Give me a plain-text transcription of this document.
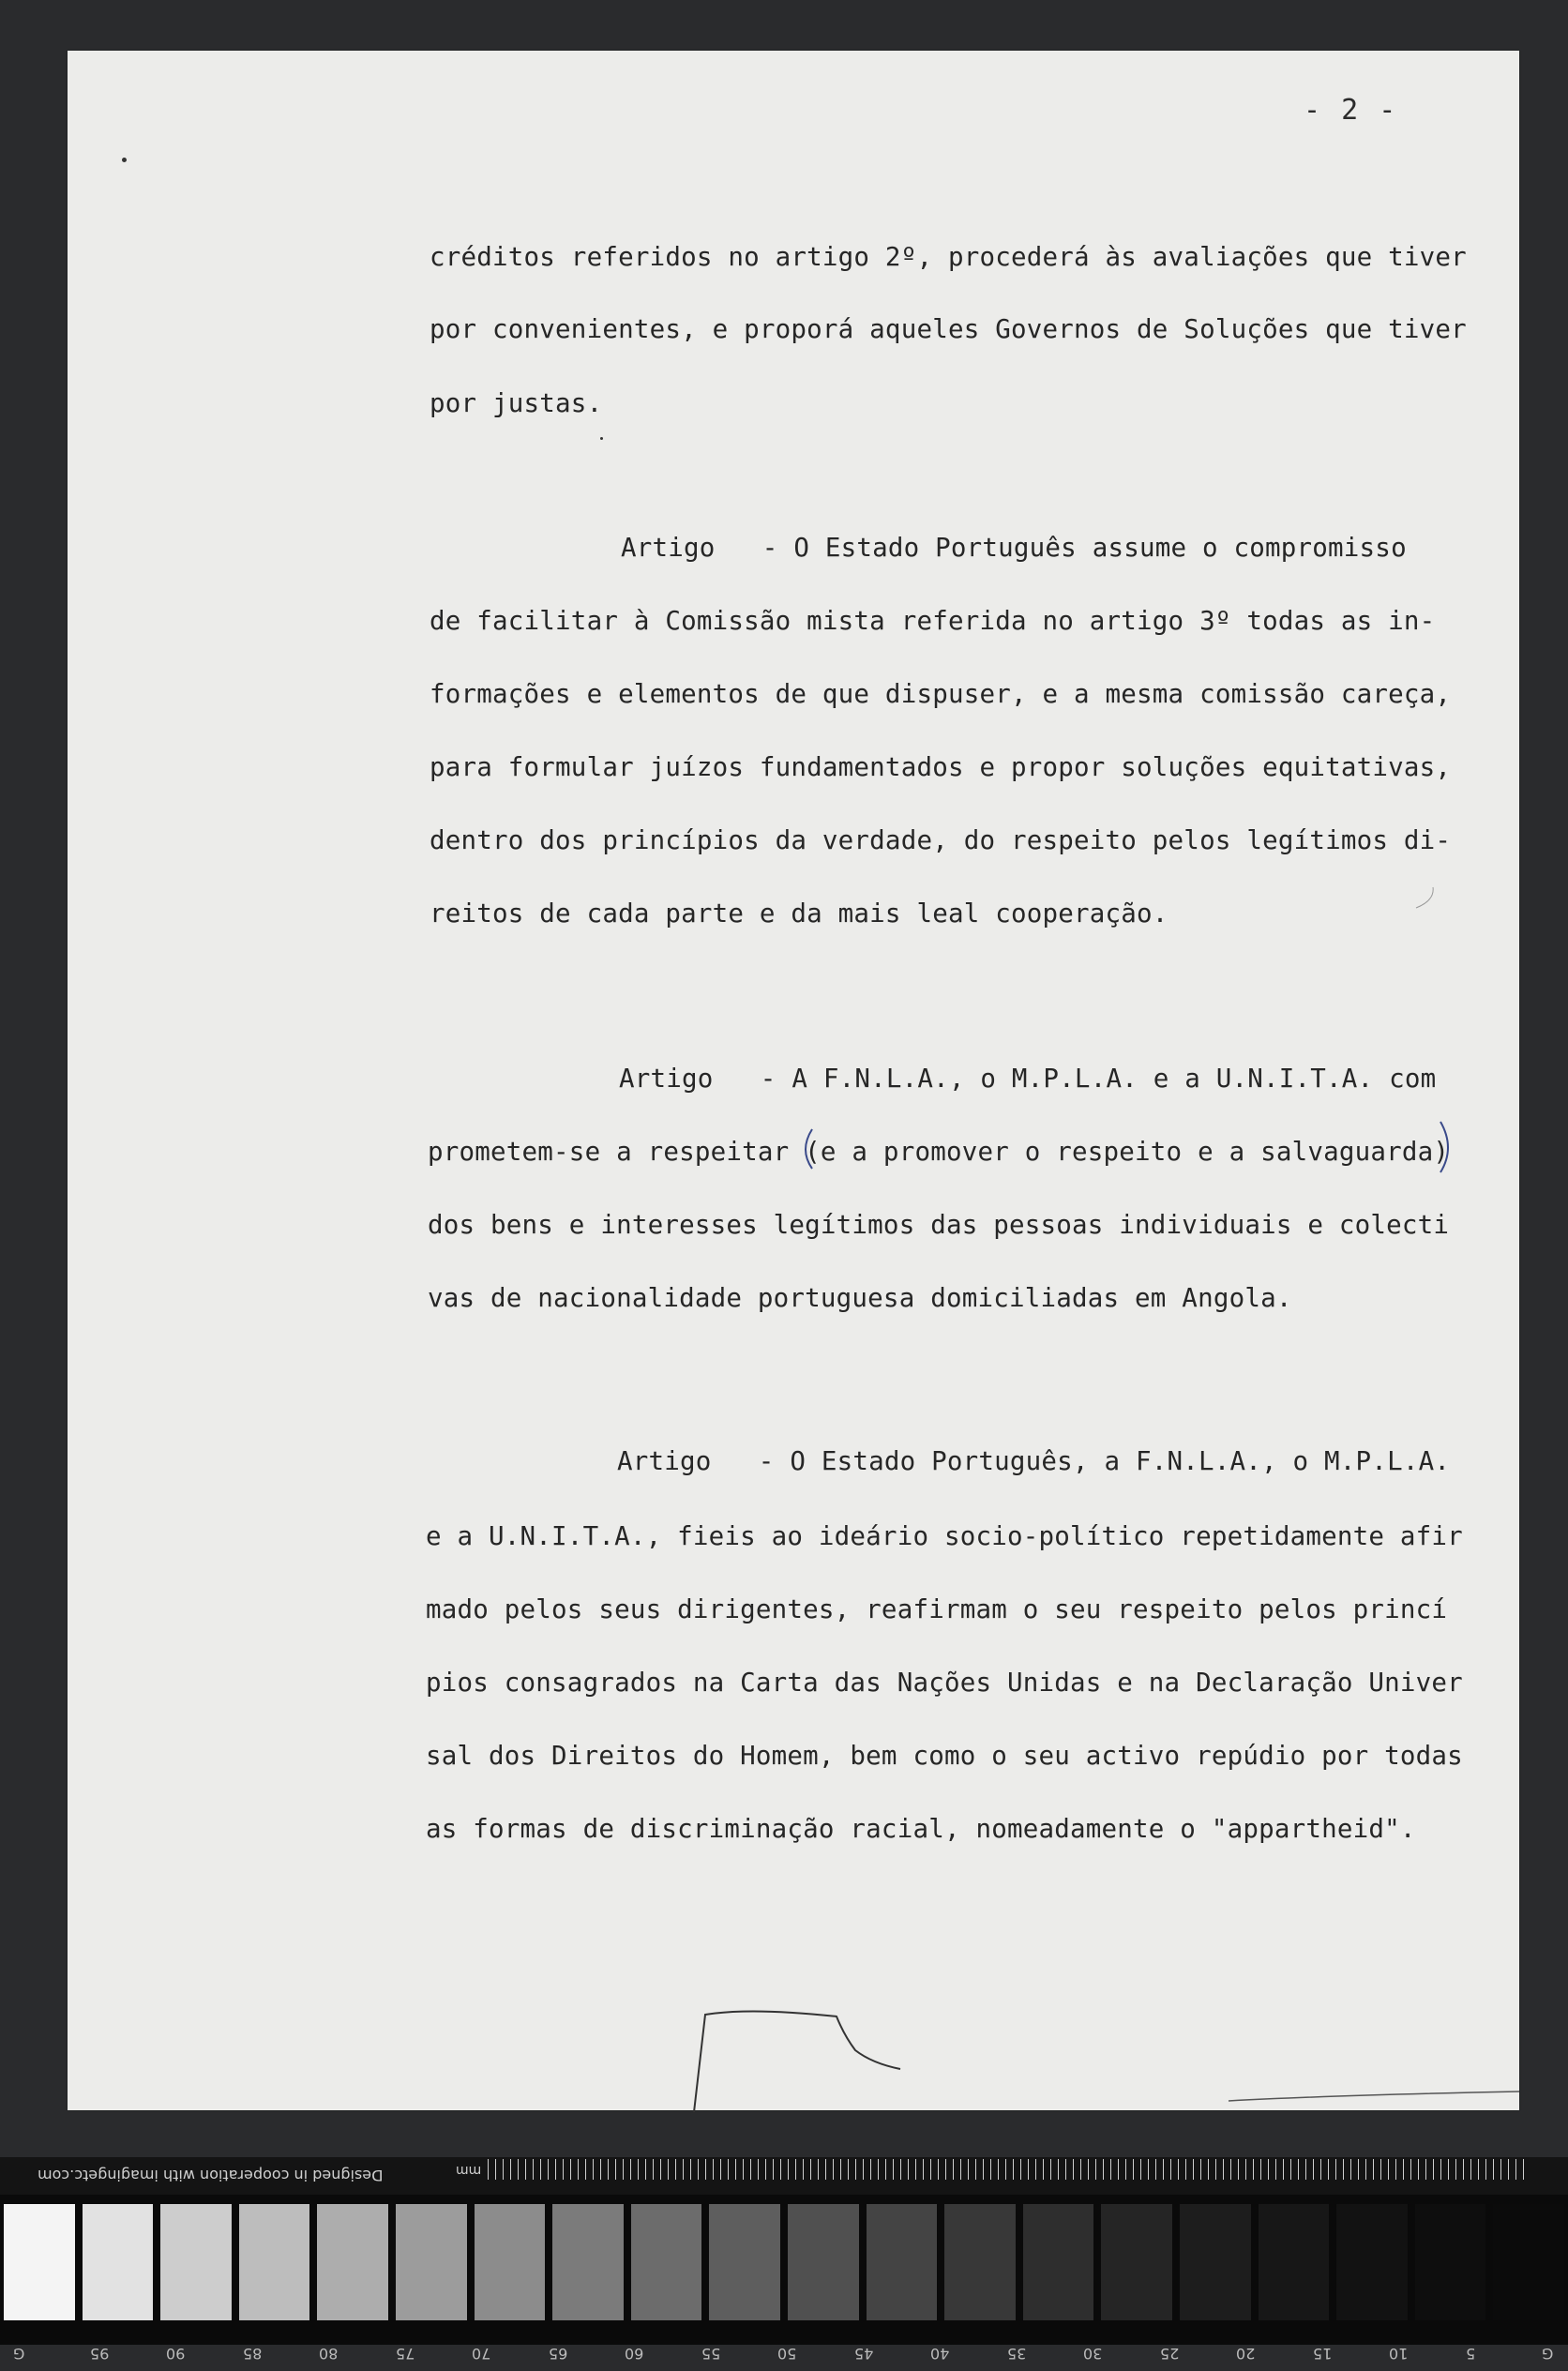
- 2 -
créditos referidos no artigo 2º, procederá às avaliações que tiver
por convenientes, e proporá aqueles Governos de Soluções que tiver
por justas.
Artigo   - O Estado Português assume o compromisso
de facilitar à Comissão mista referida no artigo 3º todas as in-
formações e elementos de que dispuser, e a mesma comissão careça,
para formular juízos fundamentados e propor soluções equitativas,
dentro dos princípios da verdade, do respeito pelos legítimos di-
reitos de cada parte e da mais leal cooperação.
Artigo   - A F.N.L.A., o M.P.L.A. e a U.N.I.T.A. com
prometem-se a respeitar (e a promover o respeito e a salvaguarda)
dos bens e interesses legítimos das pessoas individuais e colecti
vas de nacionalidade portuguesa domiciliadas em Angola.
Artigo   - O Estado Português, a F.N.L.A., o M.P.L.A.
e a U.N.I.T.A., fieis ao ideário socio-político repetidamente afir
mado pelos seus dirigentes, reafirmam o seu respeito pelos princí
pios consagrados na Carta das Nações Unidas e na Declaração Univer
sal dos Direitos do Homem, bem como o seu activo repúdio por todas
as formas de discriminação racial, nomeadamente o "appartheid".
Designed in cooperation with imagingetc.com	mm
G	95	90	85	80	75	70	65	60	55	50	45	40	35	30	25	20	15	10	5	G
